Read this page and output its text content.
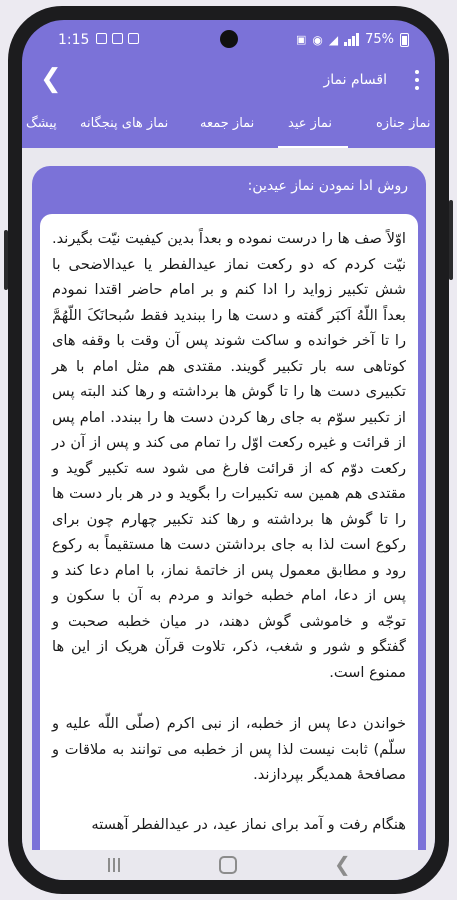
1:15	▣ ◉ ◢ 75%
❮	اقسام نماز
نماز جنازه
نماز عید
نماز جمعه
نماز های پنجگانه
پیشگ
روش ادا نمودن نماز عیدین:

اوّلاً صف ها را درست نموده و بعداً بدین کیفیت نیّت بگیرند. نیّت کردم که دو رکعت نماز عیدالفطر یا عیدالاضحی با شش تکبیر زواید را ادا کنم و بر امام حاضر اقتدا نمودم بعداً اللّهُ اَکبَر گفته و دست ها را ببندید فقط سُبحانَکَ اللّهُمَّ را تا آخر خوانده و ساکت شوند پس آن وقت با وقفه های کوتاهی سه بار تکبیر گویند. مقتدی هم مثل امام با هر تکبیری دست ها را تا گوش ها برداشته و رها کند البته پس از تکبیر سوّم به جای رها کردن دست ها را ببندد. امام پس از قرائت و غیره رکعت اوّل را تمام می کند و پس از آن در رکعت دوّم که از قرائت فارغ می شود سه تکبیر گوید و مقتدی هم همین سه تکبیرات را بگوید و در هر بار دست ها را تا گوش ها برداشته و رها کند تکبیر چهارم چون برای رکوع است لذا به جای برداشتن دست ها مستقیماً به رکوع رود و مطابق معمول پس از خاتمهٔ نماز، با امام دعا کند و پس از دعا، امام خطبه خواند و مردم به آن با سکون و توجّه و خاموشی گوش دهند، در میان خطبه صحبت و گفتگو و شور و شغب، ذکر، تلاوت قرآن هریک از این ها ممنوع است.

خواندن دعا پس از خطبه، از نبی اکرم (صلّی اللّه علیه و سلّم) ثابت نیست لذا پس از خطبه می توانند به ملاقات و مصافحهٔ همدیگر بپردازند.

هنگام رفت و آمد برای نماز عید، در عیدالفطر آهسته

❮
